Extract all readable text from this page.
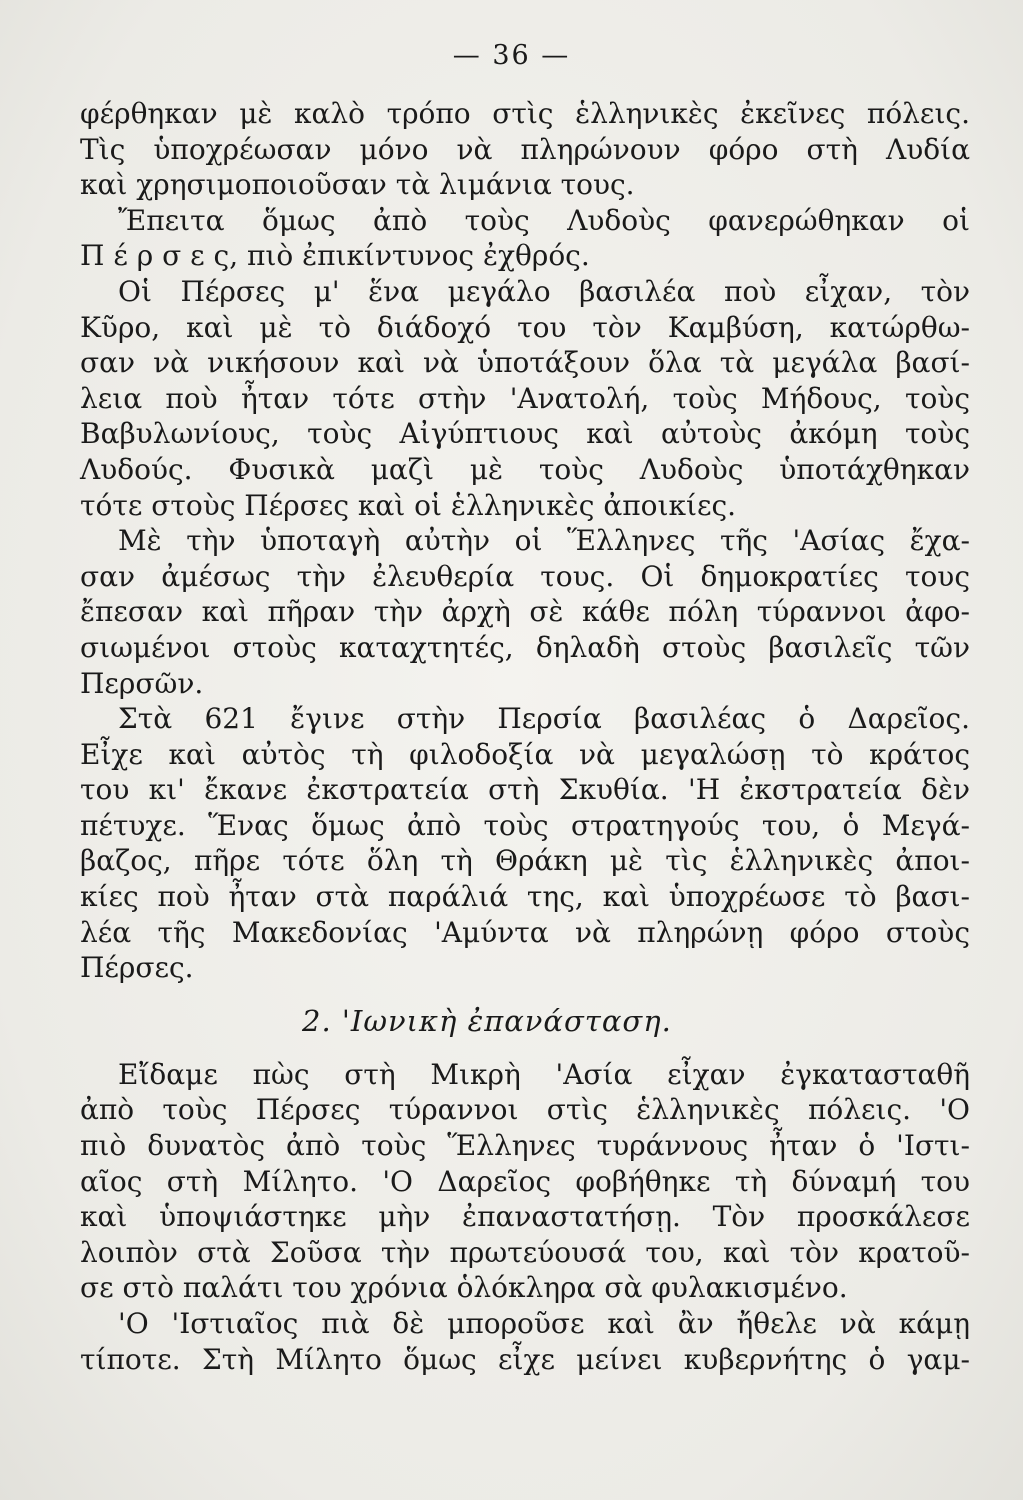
— 36 —
φέρθηκαν μὲ καλὸ τρόπο στὶς ἑλληνικὲς ἐκεῖνες πόλεις.
Τὶς ὑποχρέωσαν μόνο νὰ πληρώνουν φόρο στὴ Λυδία
καὶ χρησιμοποιοῦσαν τὰ λιμάνια τους.
Ἔπειτα ὅμως ἀπὸ τοὺς Λυδοὺς φανερώθηκαν οἱ
Π έ ρ σ ε ς, πιὸ ἐπικίντυνος ἐχθρός.
Οἱ Πέρσες μ' ἕνα μεγάλο βασιλέα ποὺ εἶχαν, τὸν
Κῦρο, καὶ μὲ τὸ διάδοχό του τὸν Καμβύση, κατώρθω-
σαν νὰ νικήσουν καὶ νὰ ὑποτάξουν ὅλα τὰ μεγάλα βασί-
λεια ποὺ ἦταν τότε στὴν 'Ανατολή, τοὺς Μήδους, τοὺς
Βαβυλωνίους, τοὺς Αἰγύπτιους καὶ αὐτοὺς ἀκόμη τοὺς
Λυδούς. Φυσικὰ μαζὶ μὲ τοὺς Λυδοὺς ὑποτάχθηκαν
τότε στοὺς Πέρσες καὶ οἱ ἑλληνικὲς ἀποικίες.
Μὲ τὴν ὑποταγὴ αὐτὴν οἱ Ἕλληνες τῆς 'Ασίας ἔχα-
σαν ἀμέσως τὴν ἐλευθερία τους. Οἱ δημοκρατίες τους
ἔπεσαν καὶ πῆραν τὴν ἀρχὴ σὲ κάθε πόλη τύραννοι ἀφο-
σιωμένοι στοὺς καταχτητές, δηλαδὴ στοὺς βασιλεῖς τῶν
Περσῶν.
Στὰ 621 ἔγινε στὴν Περσία βασιλέας ὁ Δαρεῖος.
Εἶχε καὶ αὐτὸς τὴ φιλοδοξία νὰ μεγαλώσῃ τὸ κράτος
του κι' ἔκανε ἐκστρατεία στὴ Σκυθία. 'Η ἐκστρατεία δὲν
πέτυχε. Ἕνας ὅμως ἀπὸ τοὺς στρατηγούς του, ὁ Μεγά-
βαζος, πῆρε τότε ὅλη τὴ Θράκη μὲ τὶς ἑλληνικὲς ἀποι-
κίες ποὺ ἦταν στὰ παράλιά της, καὶ ὑποχρέωσε τὸ βασι-
λέα τῆς Μακεδονίας 'Αμύντα νὰ πληρώνῃ φόρο στοὺς
Πέρσες.
2. 'Ιωνικὴ ἐπανάσταση.
Εἴδαμε πὼς στὴ Μικρὴ 'Ασία εἶχαν ἐγκατασταθῆ
ἀπὸ τοὺς Πέρσες τύραννοι στὶς ἑλληνικὲς πόλεις. 'Ο
πιὸ δυνατὸς ἀπὸ τοὺς Ἕλληνες τυράννους ἦταν ὁ 'Ιστι-
αῖος στὴ Μίλητο. 'Ο Δαρεῖος φοβήθηκε τὴ δύναμή του
καὶ ὑποψιάστηκε μὴν ἐπαναστατήσῃ. Τὸν προσκάλεσε
λοιπὸν στὰ Σοῦσα τὴν πρωτεύουσά του, καὶ τὸν κρατοῦ-
σε στὸ παλάτι του χρόνια ὁλόκληρα σὰ φυλακισμένο.
'Ο 'Ιστιαῖος πιὰ δὲ μποροῦσε καὶ ἂν ἤθελε νὰ κάμῃ
τίποτε. Στὴ Μίλητο ὅμως εἶχε μείνει κυβερνήτης ὁ γαμ-
